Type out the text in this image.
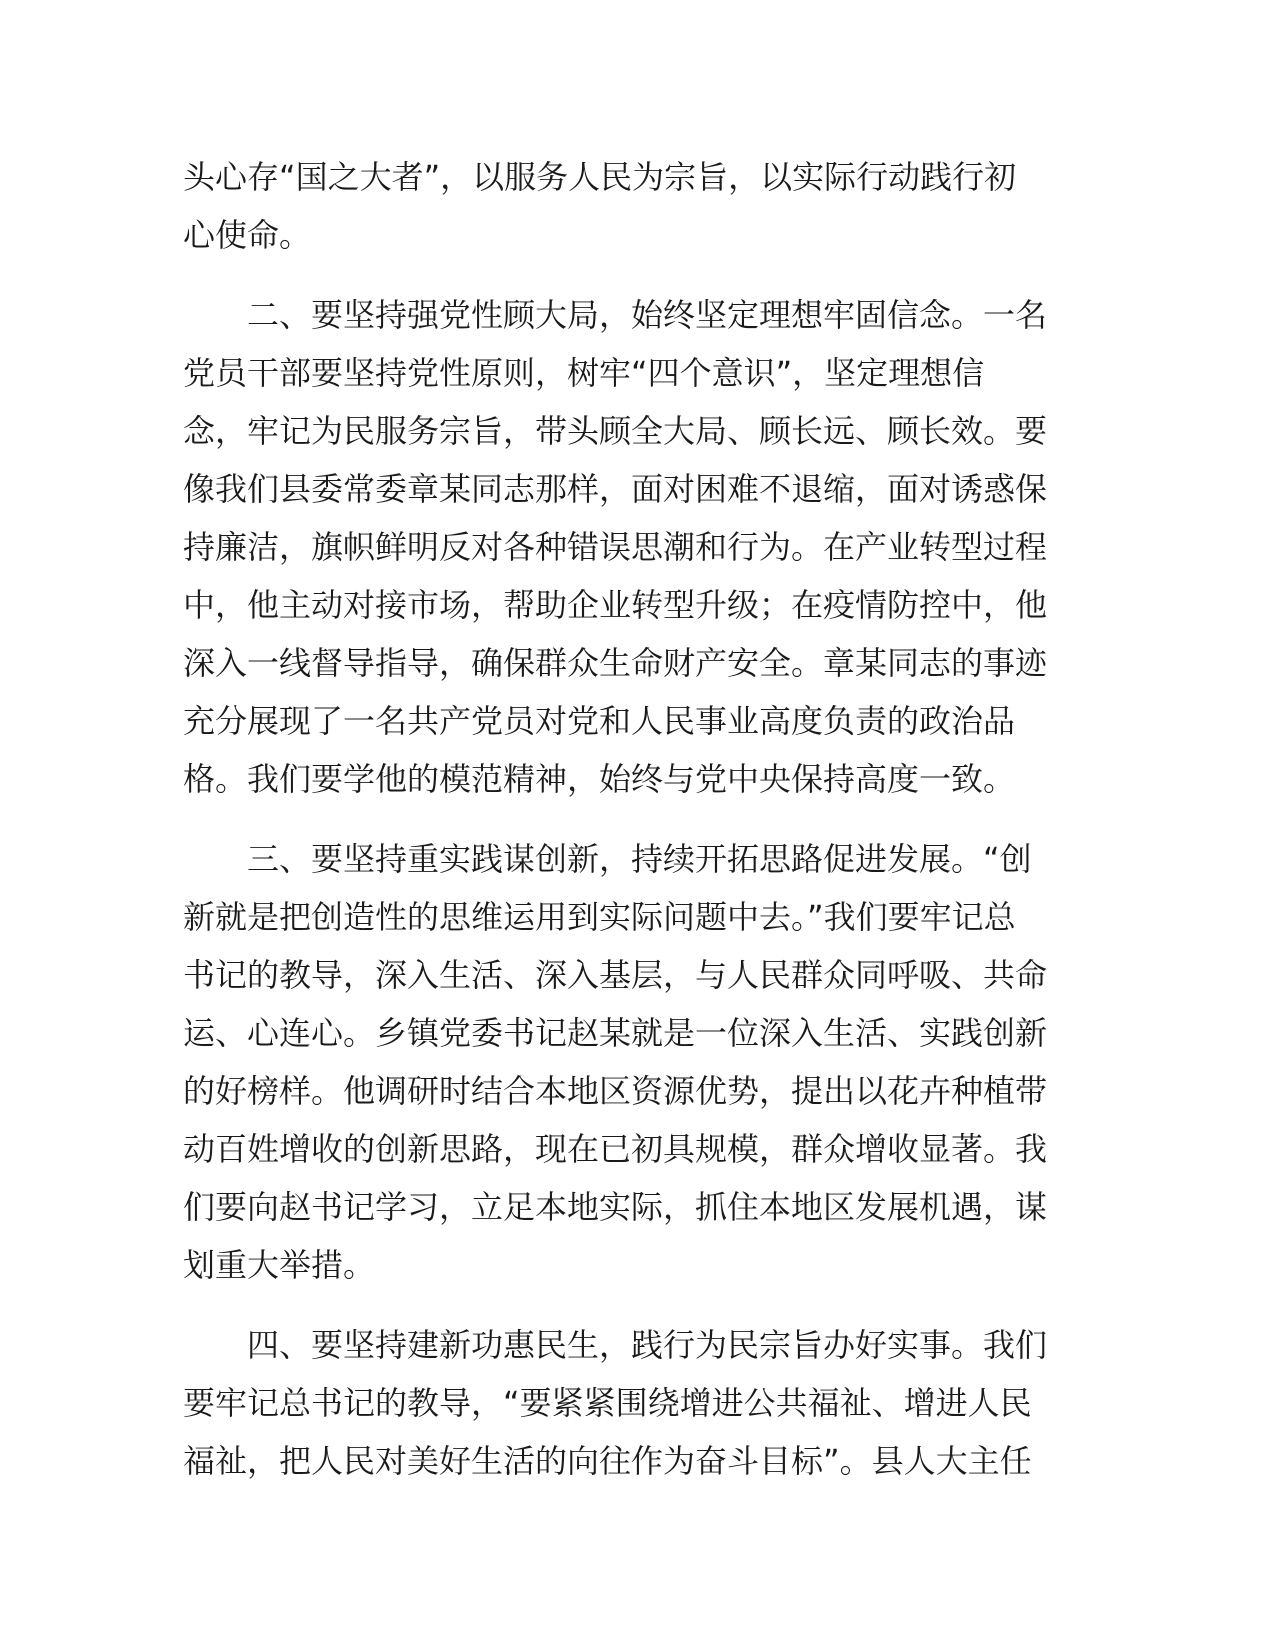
头心存“国之大者”，以服务人民为宗旨，以实际行动践行初

心使命。

二、要坚持强党性顾大局，始终坚定理想牢固信念。一名

党员干部要坚持党性原则，树牢“四个意识”，坚定理想信

念，牢记为民服务宗旨，带头顾全大局、顾长远、顾长效。要

像我们县委常委章某同志那样，面对困难不退缩，面对诱惑保

持廉洁，旗帜鲜明反对各种错误思潮和行为。在产业转型过程

中，他主动对接市场，帮助企业转型升级；在疫情防控中，他

深入一线督导指导，确保群众生命财产安全。章某同志的事迹

充分展现了一名共产党员对党和人民事业高度负责的政治品

格。我们要学他的模范精神，始终与党中央保持高度一致。

三、要坚持重实践谋创新，持续开拓思路促进发展。“创

新就是把创造性的思维运用到实际问题中去。”我们要牢记总

书记的教导，深入生活、深入基层，与人民群众同呼吸、共命

运、心连心。乡镇党委书记赵某就是一位深入生活、实践创新

的好榜样。他调研时结合本地区资源优势，提出以花卉种植带

动百姓增收的创新思路，现在已初具规模，群众增收显著。我

们要向赵书记学习，立足本地实际，抓住本地区发展机遇，谋

划重大举措。

四、要坚持建新功惠民生，践行为民宗旨办好实事。我们

要牢记总书记的教导，“要紧紧围绕增进公共福祉、增进人民

福祉，把人民对美好生活的向往作为奋斗目标”。县人大主任
